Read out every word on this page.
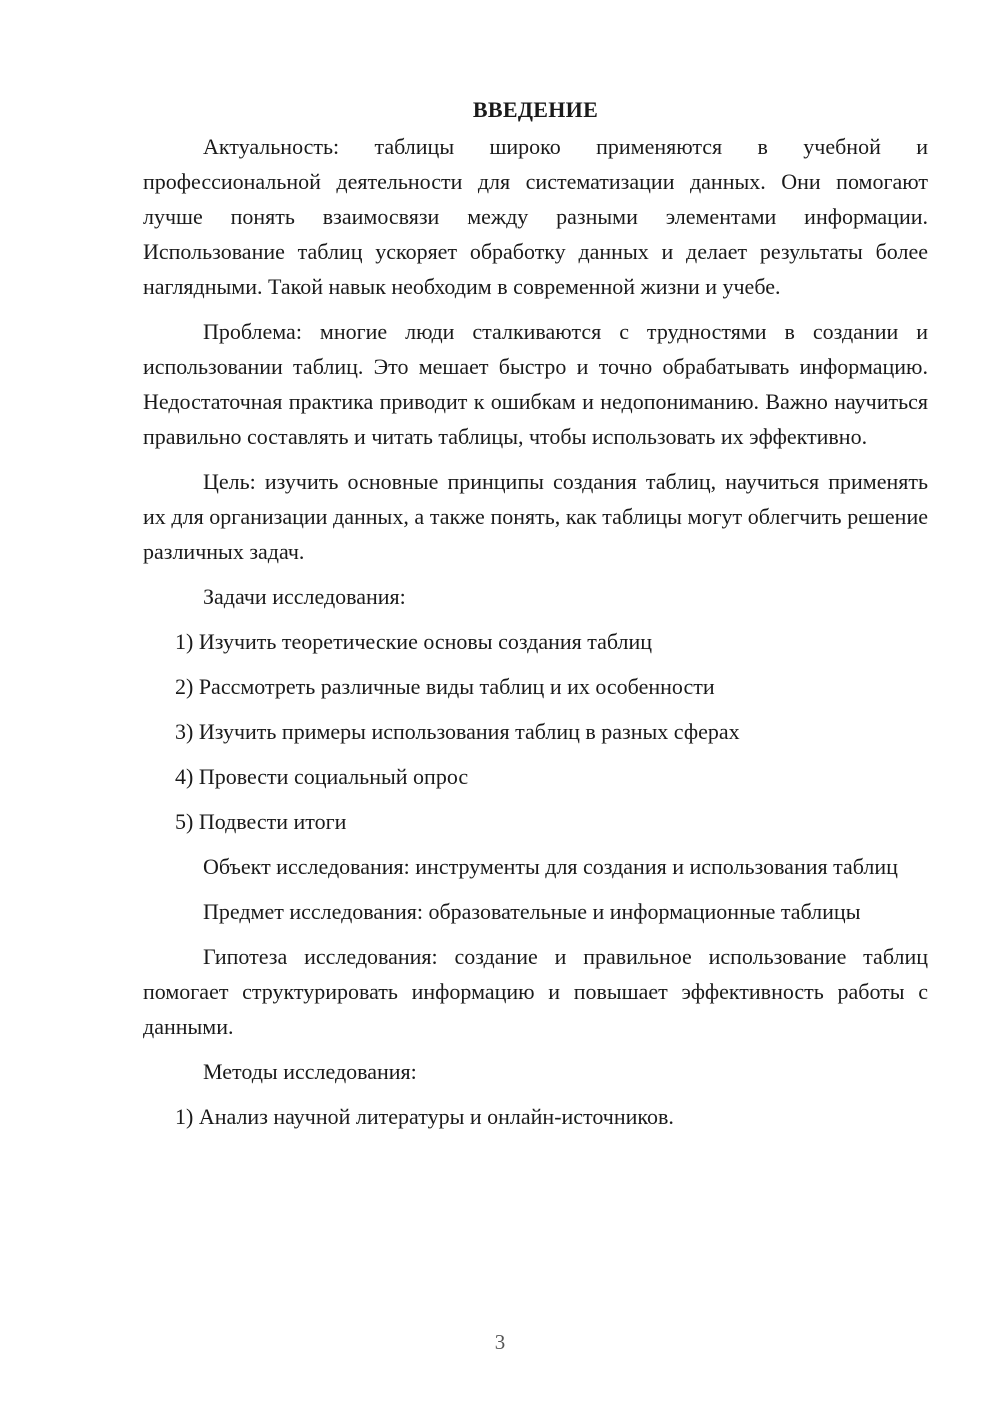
ВВЕДЕНИЕ

Актуальность: таблицы широко применяются в учебной и профессиональной деятельности для систематизации данных. Они помогают лучше понять взаимосвязи между разными элементами информации. Использование таблиц ускоряет обработку данных и делает результаты более наглядными. Такой навык необходим в современной жизни и учебе.

Проблема: многие люди сталкиваются с трудностями в создании и использовании таблиц. Это мешает быстро и точно обрабатывать информацию. Недостаточная практика приводит к ошибкам и недопониманию. Важно научиться правильно составлять и читать таблицы, чтобы использовать их эффективно.

Цель: изучить основные принципы создания таблиц, научиться применять их для организации данных, а также понять, как таблицы могут облегчить решение различных задач.

Задачи исследования:

1) Изучить теоретические основы создания таблиц
2) Рассмотреть различные виды таблиц и их особенности
3) Изучить примеры использования таблиц в разных сферах
4) Провести социальный опрос
5) Подвести итоги

Объект исследования: инструменты для создания и использования таблиц

Предмет исследования: образовательные и информационные таблицы

Гипотеза исследования: создание и правильное использование таблиц помогает структурировать информацию и повышает эффективность работы с данными.

Методы исследования:

1) Анализ научной литературы и онлайн-источников.
3
